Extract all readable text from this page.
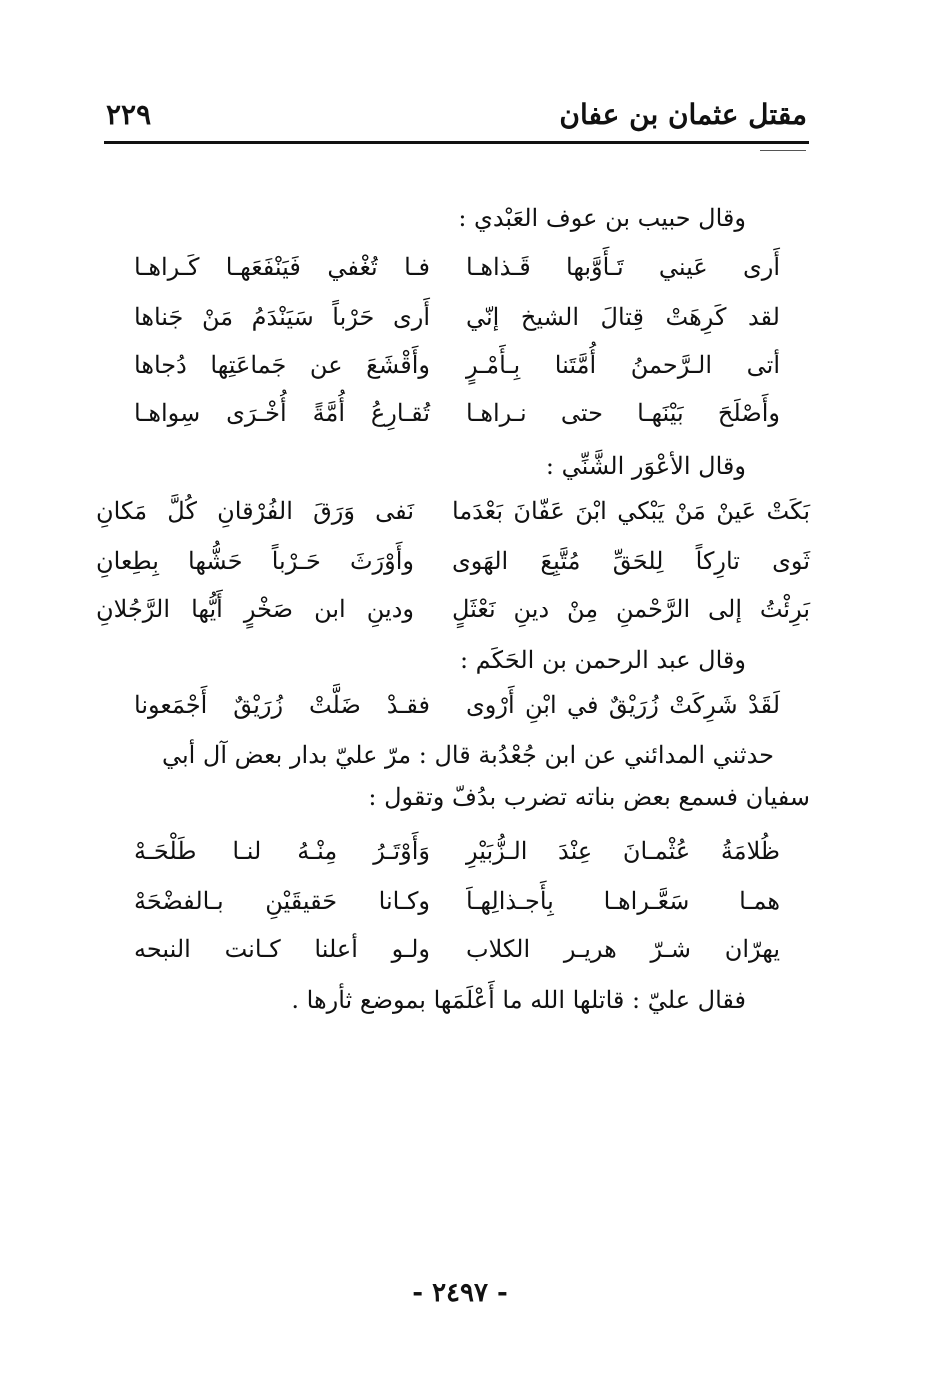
مقتل عثمان بن عفان
٢٢٩
وقال حبيب بن عوف العَبْدي :
أَرى عَيني تَـأَوَّبها قَـذاهـا
فـا تُغْفي فَيَنْفَعَهـا كَـراهـا
لقد كَرِهَتْ قِتالَ الشيخ إنّي
أَرى حَرْباً سَيَنْدَمُ مَنْ جَناها
أتى الـرَّحمنُ أُمَّتَنا بِـأَمْـرٍ
وأَقْشَعَ عن جَماعَتِها دُجاها
وأَصْلَحَ بَيْنَهـا حتى نـراهـا
تُقـارِعُ أُمَّةً أُخْـرَى سِواهـا
وقال الأعْوَر الشَّنِّي :
بَكَتْ عَينْ مَنْ يَبْكي ابْنَ عَفّانَ بَعْدَما
نَفى وَرَقَ الفُرْقانِ كُلَّ مَكانِ
ثَوى تارِكاً لِلحَقِّ مُتَّبِعَ الهَوى
وأَوْرَثَ حَـرْباً حَشُّها بِطِعانِ
بَرِئْتُ إلى الرَّحْمنِ مِنْ دينِ نَعْثَلٍ
ودينِ ابن صَخْرٍ أَيُّها الرَّجُلانِ
وقال عبد الرحمن بن الحَكَم :
لَقَدْ شَرِكَتْ زُرَيْقٌ في ابْنِ أَرْوى
فقـدْ ضَلَّتْ زُرَيْقٌ أَجْمَعونا
حدثني المدائني عن ابن جُعْدُبة قال : مرّ عليّ بدار بعض آل أبي سفيان فسمع بعض بناته تضرب بدُفّ وتقول :
ظُلامَةُ عُثْمـانَ عِنْدَ الـزُّبَيْرِ
وَأَوْتَـرُ مِنْـهُ لنـا طَلْحَـهْ
همـا سَعَّـراهـا بِأَجـذالِهـاَ
وكـانا حَقيقَيْنِ بـالفضْحَهْ
يهرّان شـرّ هريـر الكلاب
ولـو أعلنا كـانت النبحه
فقال عليّ : قاتلها الله ما أَعْلَمَها بموضع ثأرها .
- ٢٤٩٧ -
